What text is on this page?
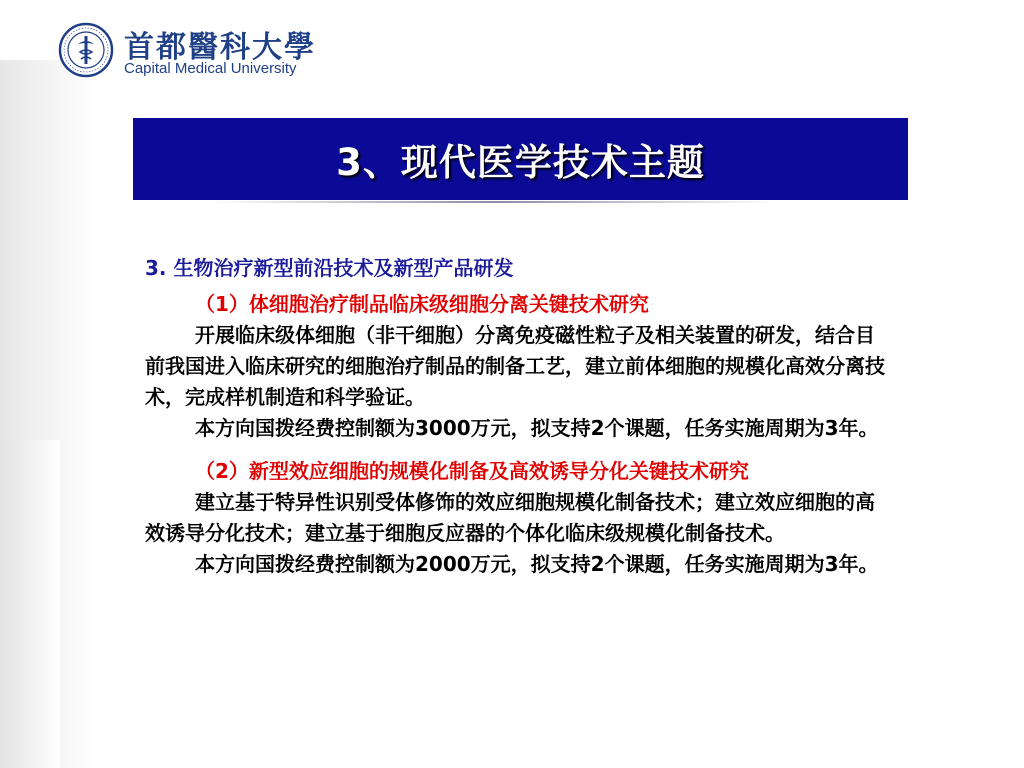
首都醫科大學
Capital Medical University
3、现代医学技术主题

3. 生物治疗新型前沿技术及新型产品研发

（1）体细胞治疗制品临床级细胞分离关键技术研究

开展临床级体细胞（非干细胞）分离免疫磁性粒子及相关装置的研发，结合目前我国进入临床研究的细胞治疗制品的制备工艺，建立前体细胞的规模化高效分离技术，完成样机制造和科学验证。

本方向国拨经费控制额为3000万元，拟支持2个课题，任务实施周期为3年。

（2）新型效应细胞的规模化制备及高效诱导分化关键技术研究

建立基于特异性识别受体修饰的效应细胞规模化制备技术；建立效应细胞的高效诱导分化技术；建立基于细胞反应器的个体化临床级规模化制备技术。

本方向国拨经费控制额为2000万元，拟支持2个课题，任务实施周期为3年。
